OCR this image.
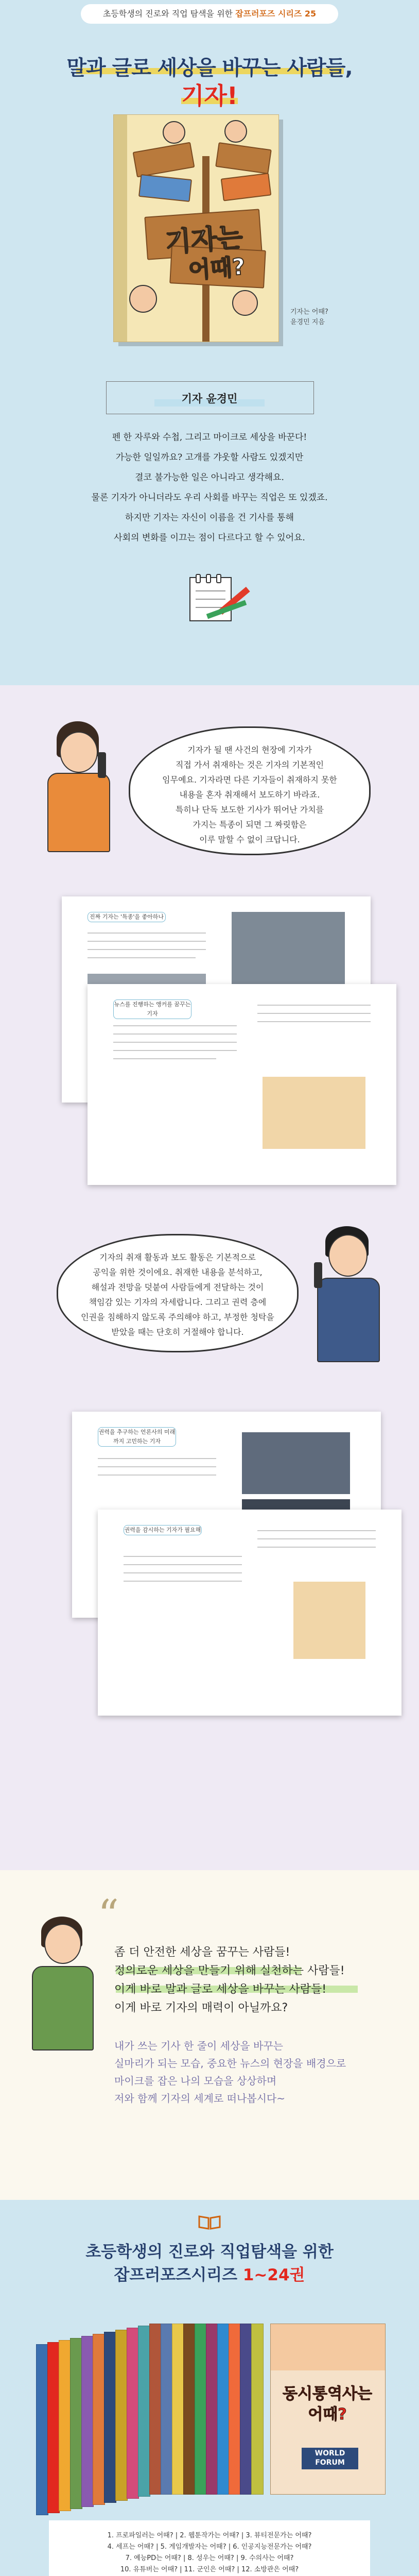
초등학생의 진로와 직업 탐색을 위한 잡프러포즈 시리즈 25
말과 글로 세상을 바꾸는 사람들,
기자!
기자는
어때?
기자는 어때?
윤경민 지음
기자 윤경민
펜 한 자루와 수첩, 그리고 마이크로 세상을 바꾼다!
가능한 일일까요? 고개를 갸웃할 사람도 있겠지만
결코 불가능한 일은 아니라고 생각해요.
물론 기자가 아니더라도 우리 사회를 바꾸는 직업은 또 있겠죠.
하지만 기자는 자신이 이름을 건 기사를 통해
사회의 변화를 이끄는 점이 다르다고 할 수 있어요.
기자가 될 땐 사건의 현장에 기자가
직접 가서 취재하는 것은 기자의 기본적인
임무예요. 기자라면 다른 기자들이 취재하지 못한
내용을 혼자 취재해서 보도하기 바라죠.
특히나 단독 보도한 기사가 뛰어난 가치를
가지는 특종이 되면 그 짜릿함은
이루 말할 수 없이 크답니다.
진짜 기자는 '특종'을 좋아하나
뉴스를 진행하는 앵커를 꿈꾸는 기자
기자의 취재 활동과 보도 활동은 기본적으로
공익을 위한 것이에요. 취재한 내용을 분석하고,
해설과 전망을 덧붙여 사람들에게 전달하는 것이
책임감 있는 기자의 자세랍니다. 그리고 권력 층에
인권을 침해하지 않도록 주의해야 하고, 부정한 청탁을
받았을 때는 단호히 거절해야 합니다.
권력을 추구하는 언론사의 미래까지 고민하는 기자
권력을 감시하는 기자가 필요해
“
좀 더 안전한 세상을 꿈꾸는 사람들!
정의로운 세상을 만들기 위해 실천하는 사람들!
이게 바로 말과 글로 세상을 바꾸는 사람들!
이게 바로 기자의 매력이 아닐까요?
내가 쓰는 기사 한 줄이 세상을 바꾸는
실마리가 되는 모습, 중요한 뉴스의 현장을 배경으로
마이크를 잡은 나의 모습을 상상하며
저와 함께 기자의 세계로 떠나봅시다~
초등학생의 진로와 직업탐색을 위한
잡프러포즈시리즈 1~24권
동시통역사는
어때?
WORLD FORUM
1. 프로파일러는 어때? | 2. 웹툰작가는 어때? | 3. 뷰티전문가는 어때?
4. 세프는 어때? | 5. 게임개발자는 어때? | 6. 인공지능전문가는 어때?
7. 예능PD는 어때? | 8. 성우는 어때? | 9. 수의사는 어때?
10. 유튜버는 어때? | 11. 군인은 어때? | 12. 소방관은 어때?
